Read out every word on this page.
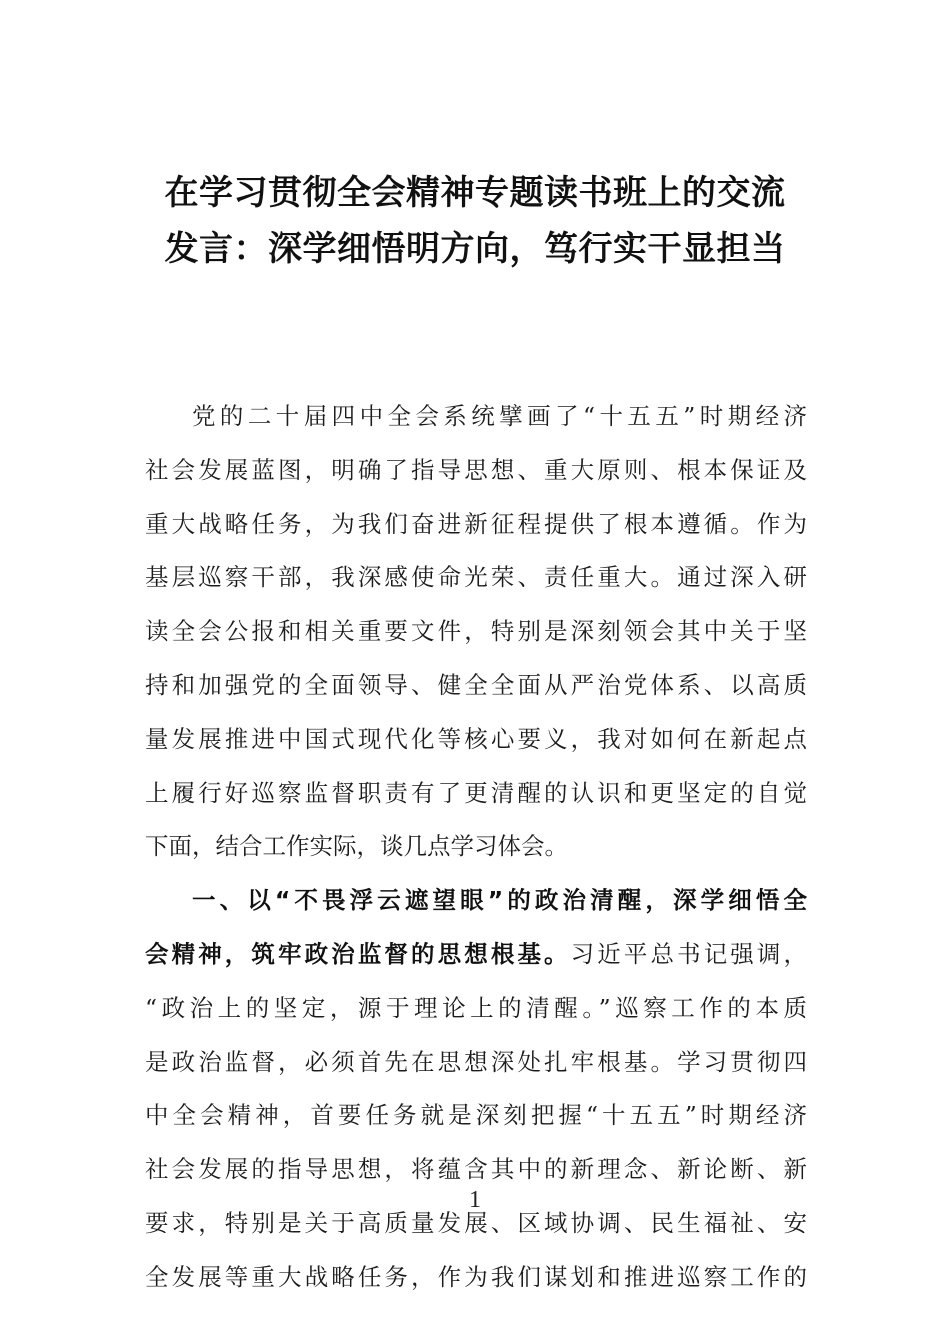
在学习贯彻全会精神专题读书班上的交流
发言：深学细悟明方向，笃行实干显担当
党的二十届四中全会系统擘画了“十五五”时期经济
社会发展蓝图，明确了指导思想、重大原则、根本保证及
重大战略任务，为我们奋进新征程提供了根本遵循。作为
基层巡察干部，我深感使命光荣、责任重大。通过深入研
读全会公报和相关重要文件，特别是深刻领会其中关于坚
持和加强党的全面领导、健全全面从严治党体系、以高质
量发展推进中国式现代化等核心要义，我对如何在新起点
上履行好巡察监督职责有了更清醒的认识和更坚定的自觉
下面，结合工作实际，谈几点学习体会。
一、以“不畏浮云遮望眼”的政治清醒，深学细悟全
会精神，筑牢政治监督的思想根基。习近平总书记强调，
“政治上的坚定，源于理论上的清醒。”巡察工作的本质
是政治监督，必须首先在思想深处扎牢根基。学习贯彻四
中全会精神，首要任务就是深刻把握“十五五”时期经济
社会发展的指导思想，将蕴含其中的新理念、新论断、新
要求，特别是关于高质量发展、区域协调、民生福祉、安
全发展等重大战略任务，作为我们谋划和推进巡察工作的
1
